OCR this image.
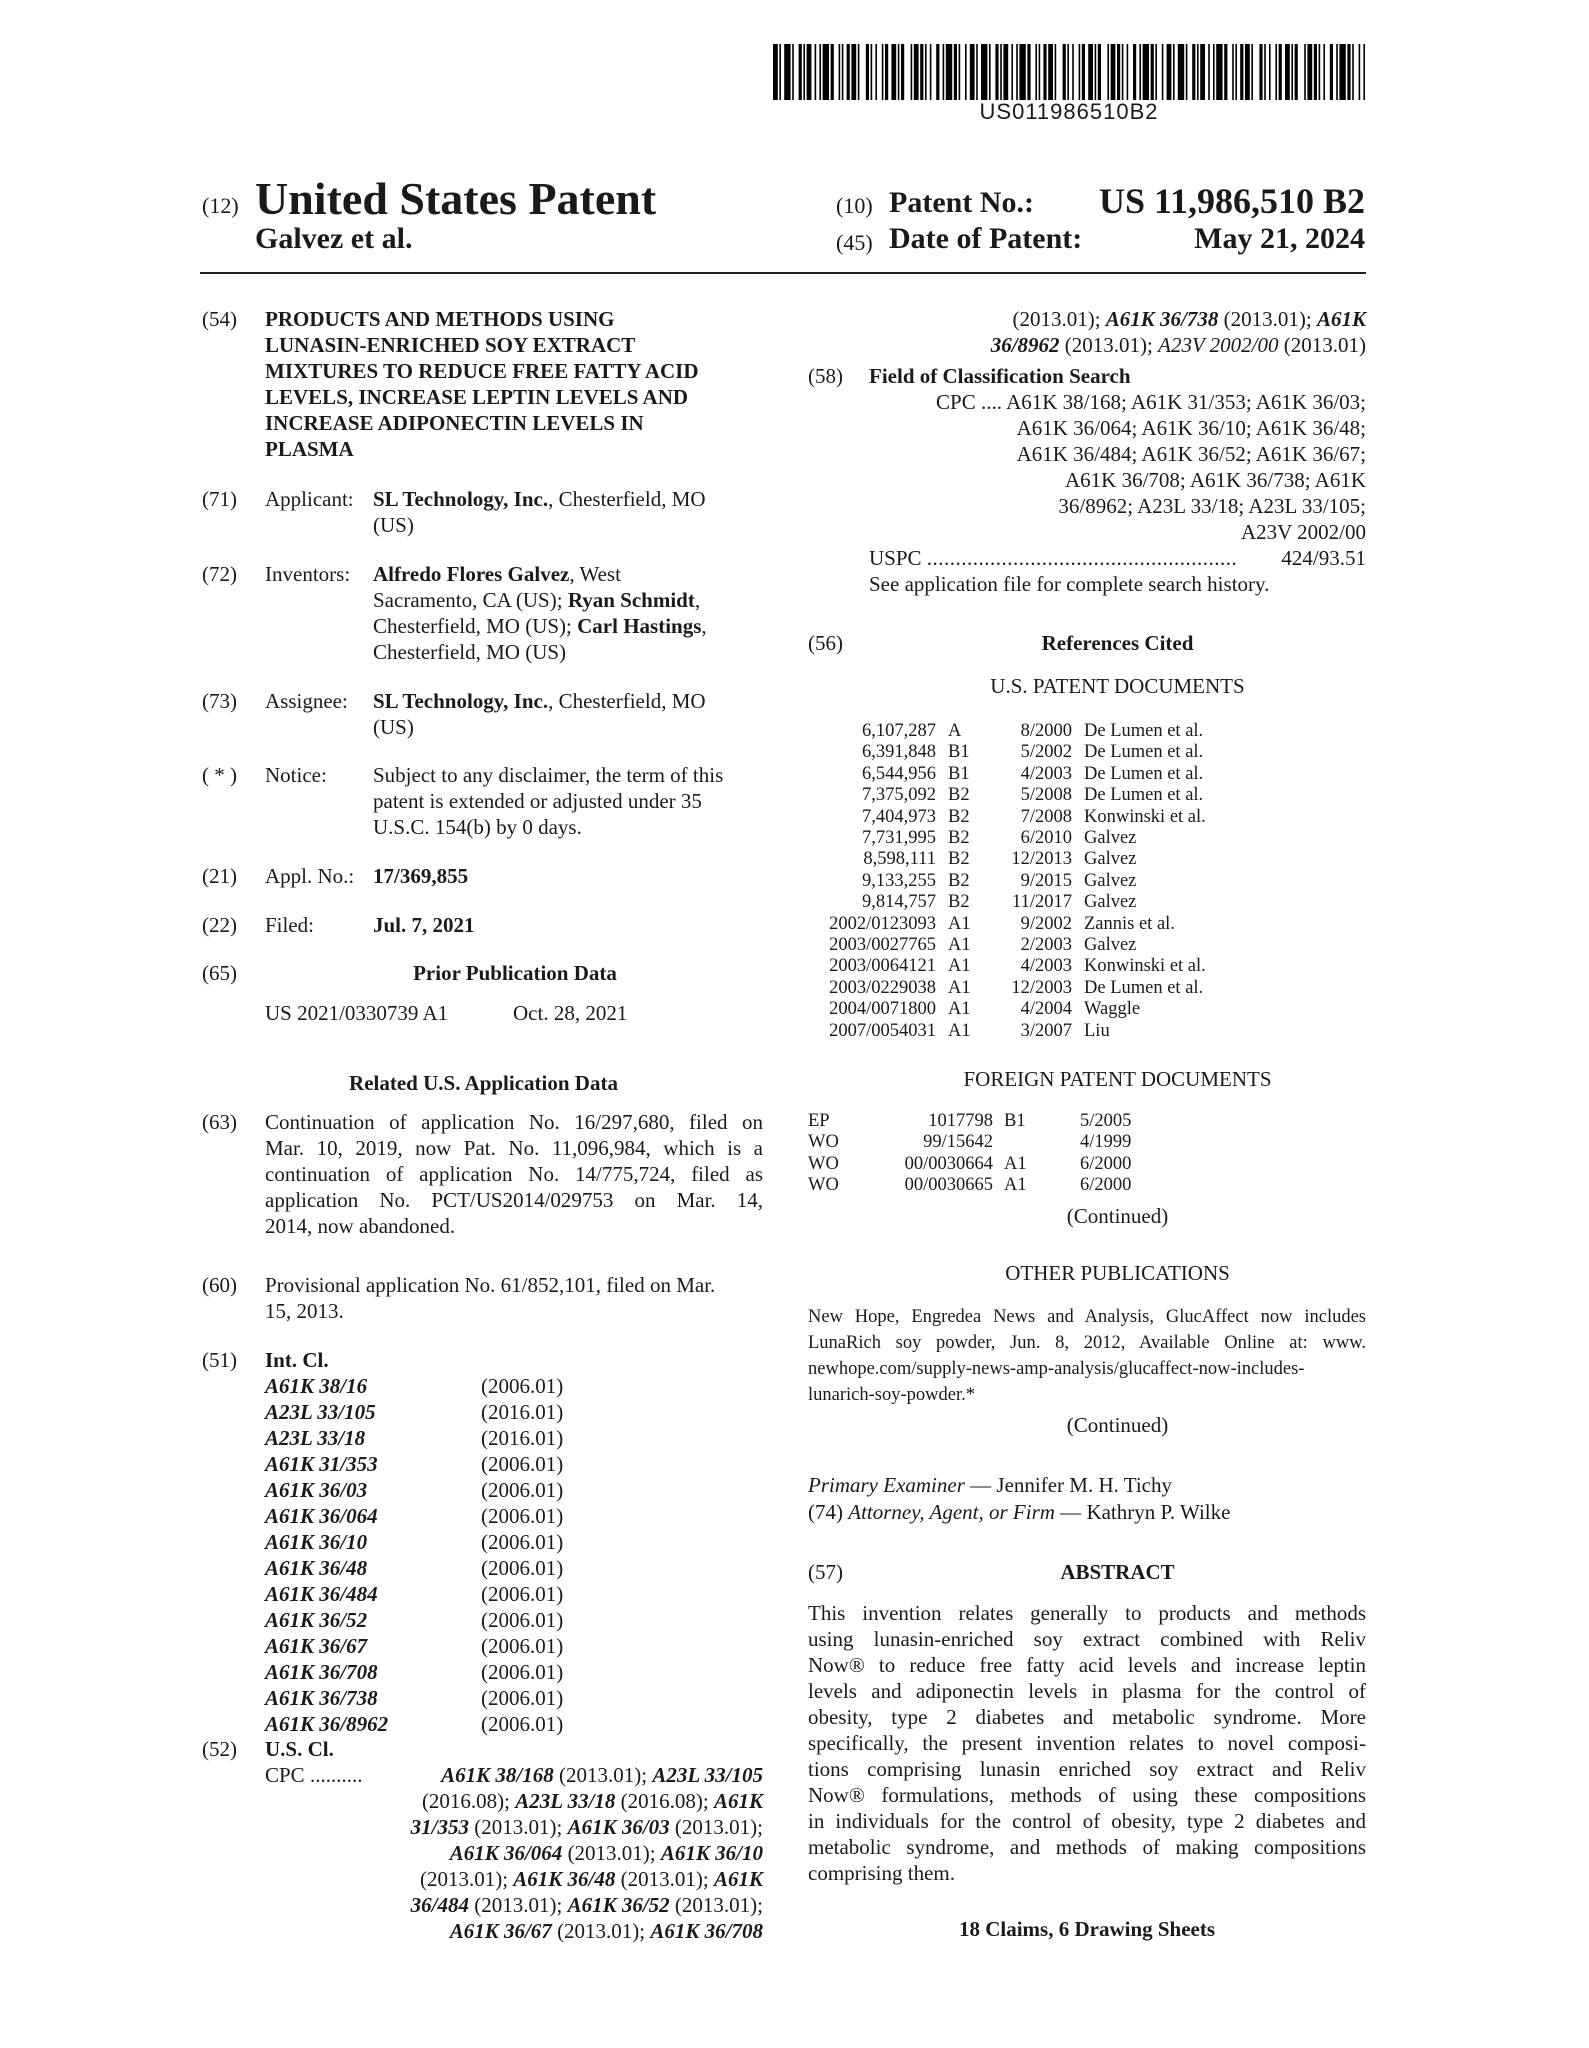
US011986510B2
(12) United States Patent
Galvez et al.
(10) Patent No.: US 11,986,510 B2
(45) Date of Patent:	May 21, 2024
(54) PRODUCTS AND METHODS USING
LUNASIN-ENRICHED SOY EXTRACT
MIXTURES TO REDUCE FREE FATTY ACID
LEVELS, INCREASE LEPTIN LEVELS AND
INCREASE ADIPONECTIN LEVELS IN
PLASMA
(71) Applicant: SL Technology, Inc., Chesterfield, MO
(US)
(72) Inventors: Alfredo Flores Galvez, West
Sacramento, CA (US); Ryan Schmidt,
Chesterfield, MO (US); Carl Hastings,
Chesterfield, MO (US)
(73) Assignee: SL Technology, Inc., Chesterfield, MO
(US)
( * ) Notice: Subject to any disclaimer, the term of this
patent is extended or adjusted under 35
U.S.C. 154(b) by 0 days.
(21) Appl. No.: 17/369,855
(22) Filed:	Jul. 7, 2021
(65)	Prior Publication Data
US 2021/0330739 A1	Oct. 28, 2021
Related U.S. Application Data
(63) Continuation of application No. 16/297,680, filed on
Mar. 10, 2019, now Pat. No. 11,096,984, which is a
continuation of application No. 14/775,724, filed as
application No. PCT/US2014/029753 on Mar. 14,
2014, now abandoned.
(60) Provisional application No. 61/852,101, filed on Mar.
15, 2013.
(51) Int. Cl.
A61K 38/16	(2006.01)
A23L 33/105	(2016.01)
A23L 33/18	(2016.01)
A61K 31/353	(2006.01)
A61K 36/03	(2006.01)
A61K 36/064	(2006.01)
A61K 36/10	(2006.01)
A61K 36/48	(2006.01)
A61K 36/484	(2006.01)
A61K 36/52	(2006.01)
A61K 36/67	(2006.01)
A61K 36/708	(2006.01)
A61K 36/738	(2006.01)
A61K 36/8962	(2006.01)
(52) U.S. Cl.
CPC ..........	A61K 38/168 (2013.01); A23L 33/105
(2016.08); A23L 33/18 (2016.08); A61K
31/353 (2013.01); A61K 36/03 (2013.01);
A61K 36/064 (2013.01); A61K 36/10
(2013.01); A61K 36/48 (2013.01); A61K
36/484 (2013.01); A61K 36/52 (2013.01);
A61K 36/67 (2013.01); A61K 36/708
(2013.01); A61K 36/738 (2013.01); A61K
36/8962 (2013.01); A23V 2002/00 (2013.01)
(58) Field of Classification Search
CPC .... A61K 38/168; A61K 31/353; A61K 36/03;
A61K 36/064; A61K 36/10; A61K 36/48;
A61K 36/484; A61K 36/52; A61K 36/67;
A61K 36/708; A61K 36/738; A61K
36/8962; A23L 33/18; A23L 33/105;
A23V 2002/00
USPC ......................................................	424/93.51
See application file for complete search history.
(56)	References Cited
U.S. PATENT DOCUMENTS
6,107,287 A	8/2000 De Lumen et al.
6,391,848 B1	5/2002 De Lumen et al.
6,544,956 B1	4/2003 De Lumen et al.
7,375,092 B2	5/2008 De Lumen et al.
7,404,973 B2	7/2008 Konwinski et al.
7,731,995 B2	6/2010 Galvez
8,598,111 B2 12/2013 Galvez
9,133,255 B2	9/2015 Galvez
9,814,757 B2 11/2017 Galvez
2002/0123093 A1	9/2002 Zannis et al.
2003/0027765 A1	2/2003 Galvez
2003/0064121 A1	4/2003 Konwinski et al.
2003/0229038 A1 12/2003 De Lumen et al.
2004/0071800 A1	4/2004 Waggle
2007/0054031 A1	3/2007 Liu
FOREIGN PATENT DOCUMENTS
EP	1017798 B1	5/2005
WO	99/15642	4/1999
WO	00/0030664 A1	6/2000
WO	00/0030665 A1	6/2000
(Continued)
OTHER PUBLICATIONS
New Hope, Engredea News and Analysis, GlucAffect now includes
LunaRich soy powder, Jun. 8, 2012, Available Online at: www.
newhope.com/supply-news-amp-analysis/glucaffect-now-includes-
lunarich-soy-powder.*
(Continued)
Primary Examiner — Jennifer M. H. Tichy
(74) Attorney, Agent, or Firm — Kathryn P. Wilke
(57)	ABSTRACT
This invention relates generally to products and methods
using lunasin-enriched soy extract combined with Reliv
Now® to reduce free fatty acid levels and increase leptin
levels and adiponectin levels in plasma for the control of
obesity, type 2 diabetes and metabolic syndrome. More
specifically, the present invention relates to novel composi-
tions comprising lunasin enriched soy extract and Reliv
Now® formulations, methods of using these compositions
in individuals for the control of obesity, type 2 diabetes and
metabolic syndrome, and methods of making compositions
comprising them.
18 Claims, 6 Drawing Sheets
